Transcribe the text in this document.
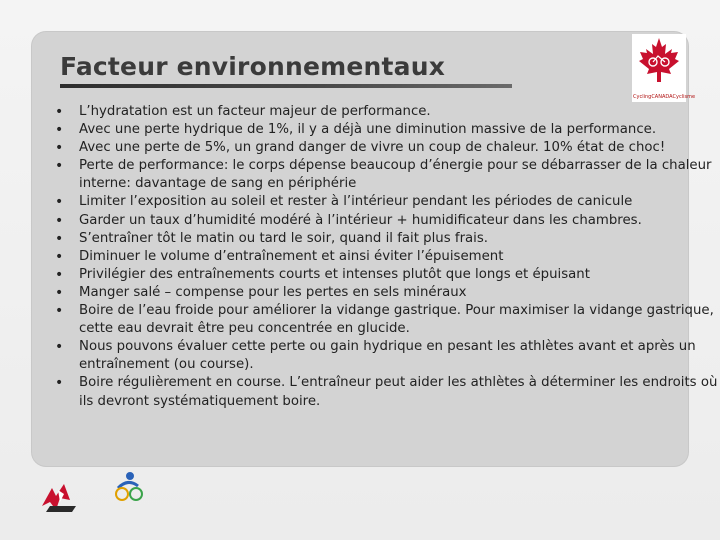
Facteur environnementaux
CyclingCANADACyclisme
• L’hydratation est un facteur majeur de performance.
• Avec une perte hydrique de 1%, il y a déjà une diminution massive de la performance.
• Avec une perte de 5%, un grand danger de vivre un coup de chaleur. 10% état de choc!
• Perte de performance: le corps dépense beaucoup d’énergie pour se débarrasser de la chaleur interne: davantage de sang en périphérie
• Limiter l’exposition au soleil et rester à l’intérieur pendant les périodes de canicule
• Garder un taux d’humidité modéré à l’intérieur + humidificateur dans les chambres.
• S’entraîner tôt le matin ou tard le soir, quand il fait plus frais.
• Diminuer le volume d’entraînement et ainsi éviter l’épuisement
• Privilégier des entraînements courts et intenses plutôt que longs et épuisant
• Manger salé – compense pour les pertes en sels minéraux
• Boire de l’eau froide pour améliorer la vidange gastrique. Pour maximiser la vidange gastrique, cette eau devrait être peu concentrée en glucide.
• Nous pouvons évaluer cette perte ou gain hydrique en pesant les athlètes avant et après un entraînement (ou course).
• Boire régulièrement en course. L’entraîneur peut aider les athlètes à déterminer les endroits où ils devront systématiquement boire.
